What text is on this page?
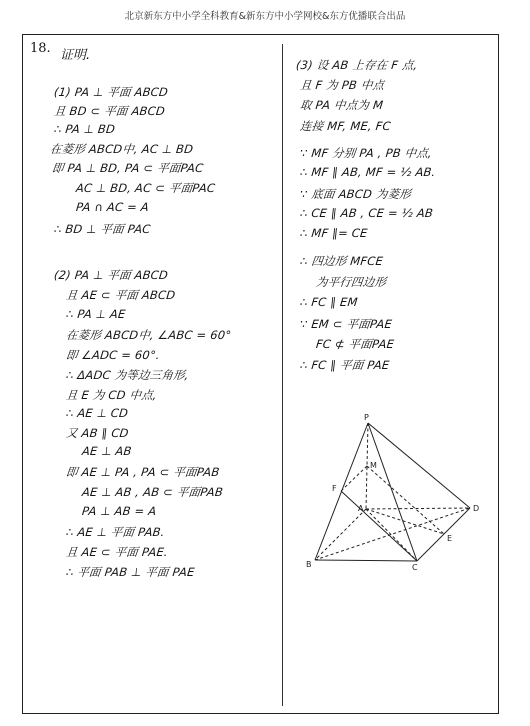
北京新东方中小学全科教育&新东方中小学网校&东方优播联合出品
18. 证明.
(1) PA ⊥ 平面 ABCD
且 BD ⊂ 平面 ABCD
∴ PA ⊥ BD
在菱形 ABCD中, AC ⊥ BD
即 PA ⊥ BD, PA ⊂ 平面PAC
AC ⊥ BD, AC ⊂ 平面PAC
PA ∩ AC = A
∴ BD ⊥ 平面 PAC
(2) PA ⊥ 平面 ABCD
且 AE ⊂ 平面 ABCD
∴ PA ⊥ AE
在菱形 ABCD中, ∠ABC = 60°
即 ∠ADC = 60°.
∴ ΔADC 为等边三角形,
且 E 为 CD 中点,
∴ AE ⊥ CD
又 AB ∥ CD
AE ⊥ AB
即 AE ⊥ PA , PA ⊂ 平面PAB
AE ⊥ AB , AB ⊂ 平面PAB
PA ⊥ AB = A
∴ AE ⊥ 平面 PAB.
且 AE ⊂ 平面 PAE.
∴ 平面 PAB ⊥ 平面 PAE
(3) 设 AB 上存在 F 点,
且 F 为 PB 中点
取 PA 中点为 M
连接 MF, ME, FC
∵ MF 分别 PA , PB 中点,
∴ MF ∥ AB, MF = ½ AB.
∵ 底面 ABCD 为菱形
∴ CE ∥ AB , CE = ½ AB
∴ MF ∥= CE
∴ 四边形 MFCE
为平行四边形
∴ FC ∥ EM
∵ EM ⊂ 平面PAE
FC ⊄ 平面PAE
∴ FC ∥ 平面 PAE
P
M
F
A
B	C
D
E
